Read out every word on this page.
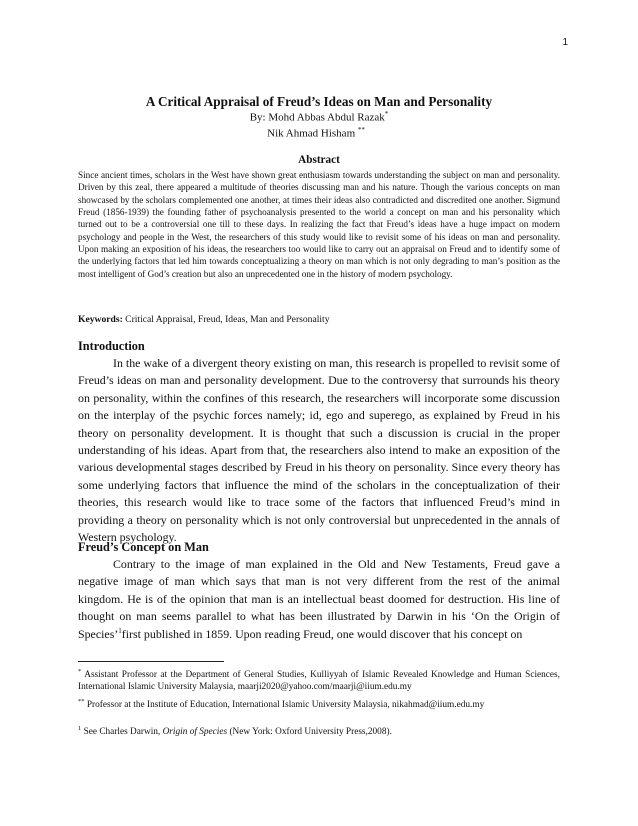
1
A Critical Appraisal of Freud’s Ideas on Man and Personality
By: Mohd Abbas Abdul Razak*
Nik Ahmad Hisham **
Abstract
Since ancient times, scholars in the West have shown great enthusiasm towards understanding the subject on man and personality. Driven by this zeal, there appeared a multitude of theories discussing man and his nature. Though the various concepts on man showcased by the scholars complemented one another, at times their ideas also contradicted and discredited one another. Sigmund Freud (1856-1939) the founding father of psychoanalysis presented to the world a concept on man and his personality which turned out to be a controversial one till to these days. In realizing the fact that Freud’s ideas have a huge impact on modern psychology and people in the West, the researchers of this study would like to revisit some of his ideas on man and personality. Upon making an exposition of his ideas, the researchers too would like to carry out an appraisal on Freud and to identify some of the underlying factors that led him towards conceptualizing a theory on man which is not only degrading to man’s position as the most intelligent of God’s creation but also an unprecedented one in the history of modern psychology.
Keywords: Critical Appraisal, Freud, Ideas, Man and Personality
Introduction
In the wake of a divergent theory existing on man, this research is propelled to revisit some of Freud’s ideas on man and personality development. Due to the controversy that surrounds his theory on personality, within the confines of this research, the researchers will incorporate some discussion on the interplay of the psychic forces namely; id, ego and superego, as explained by Freud in his theory on personality development. It is thought that such a discussion is crucial in the proper understanding of his ideas. Apart from that, the researchers also intend to make an exposition of the various developmental stages described by Freud in his theory on personality. Since every theory has some underlying factors that influence the mind of the scholars in the conceptualization of their theories, this research would like to trace some of the factors that influenced Freud’s mind in providing a theory on personality which is not only controversial but unprecedented in the annals of Western psychology.
Freud’s Concept on Man
Contrary to the image of man explained in the Old and New Testaments, Freud gave a negative image of man which says that man is not very different from the rest of the animal kingdom. He is of the opinion that man is an intellectual beast doomed for destruction. His line of thought on man seems parallel to what has been illustrated by Darwin in his ‘On the Origin of Species’$^1$first published in 1859. Upon reading Freud, one would discover that his concept on
* Assistant Professor at the Department of General Studies, Kulliyyah of Islamic Revealed Knowledge and Human Sciences, International Islamic University Malaysia, maarji2020@yahoo.com/maarji@iium.edu.my
** Professor at the Institute of Education, International Islamic University Malaysia, nikahmad@iium.edu.my
$^1$ See Charles Darwin, Origin of Species (New York: Oxford University Press,2008).
